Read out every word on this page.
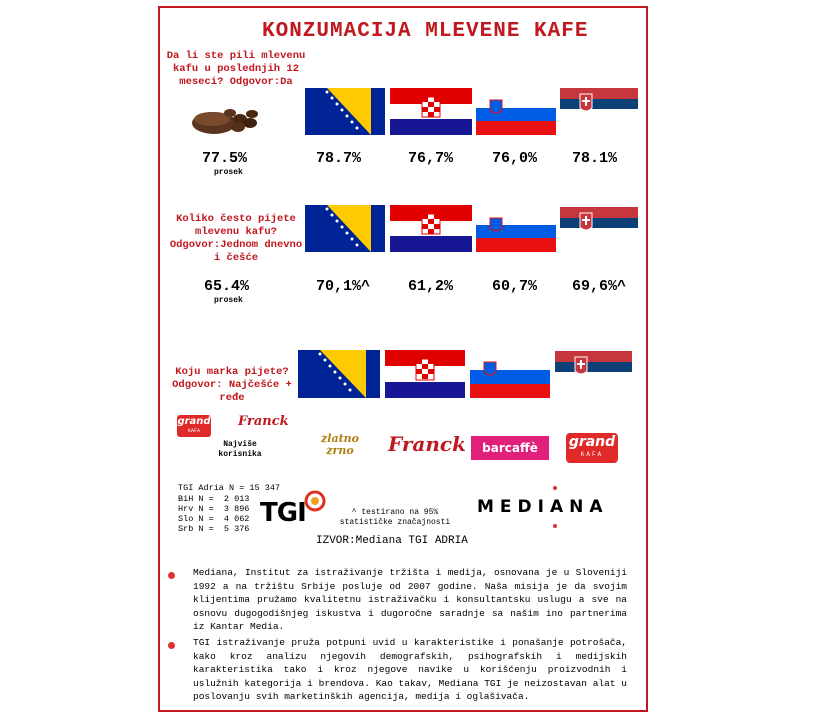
KONZUMACIJA MLEVENE KAFE
Da li ste pili mlevenu kafu u poslednjih 12 meseci? Odgovor:Da
77.5%
prosek
78.7%	76,7%	76,0% 78.1%
Koliko često pijete mlevenu kafu? Odgovor:Jednom dnevno i češće
65.4%
prosek
70,1%^	61,2%	60,7% 69,6%^
Koju marka pijete? Odgovor: Najčešće + ređe
grand
KAFA
Franck
Najviše korisnika
zlatno zrno	Franck	barcaffè	grand
KAFA
TGI Adria N = 15 347
BiH N =  2 013
Hrv N =  3 896
Slo N =  4 062
Srb N =  5 376
TGI	^ testirano na 95% statističke značajnosti
MEDIANA
IZVOR:Mediana TGI ADRIA
Mediana, Institut za istraživanje tržišta i medija, osnovana je u Sloveniji 1992 a na tržištu Srbije posluje od 2007 godine. Naša misija je da svojim klijentima pružamo kvalitetnu istraživačku i konsultantsku uslugu a sve na osnovu dugogodišnjeg iskustva i dugoročne saradnje sa našim ino partnerima iz Kantar Media.
TGI istraživanje pruža potpuni uvid u karakteristike i ponašanje potrošača, kako kroz analizu njegovih demografskih, psihografskih i medijskih karakteristika tako i kroz njegove navike u korišćenju proizvodnih i uslužnih kategorija i brendova. Kao takav, Mediana TGI je neizostavan alat u poslovanju svih marketinških agencija, medija i oglašivača.
